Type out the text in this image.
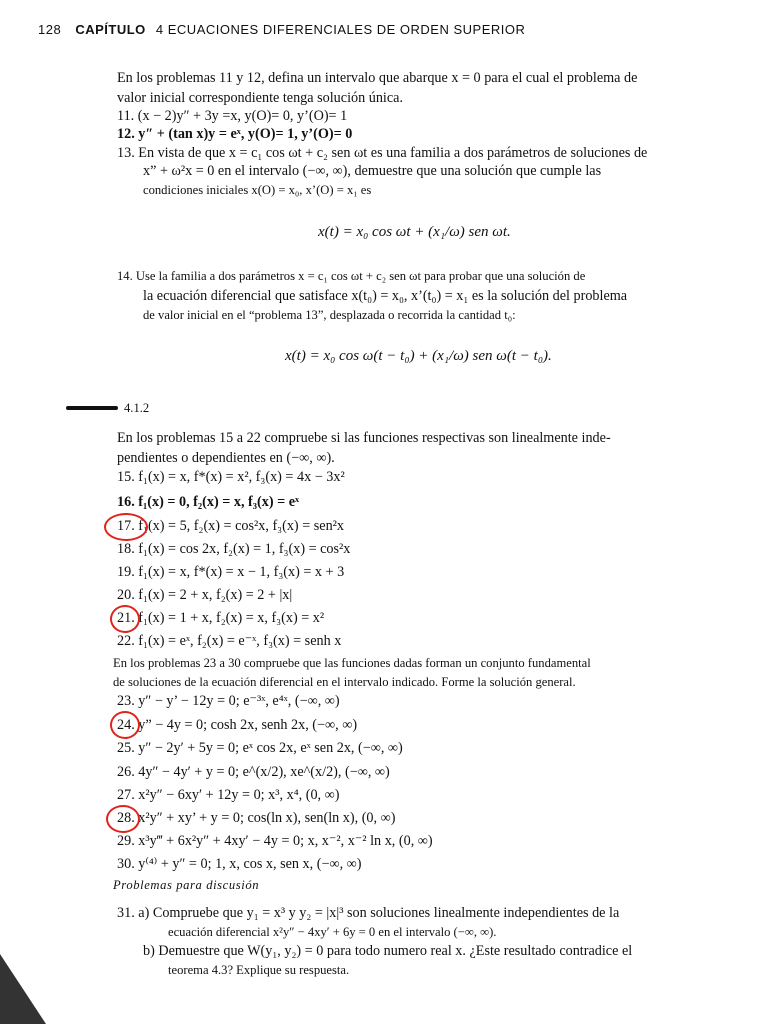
128 CAPÍTULO 4 ECUACIONES DIFERENCIALES DE ORDEN SUPERIOR
En los problemas 11 y 12, defina un intervalo que abarque x = 0 para el cual el problema de
valor inicial correspondiente tenga solución única.
11. (x − 2)y″ + 3y =x, y(O)= 0, y’(O)= 1
12. y″ + (tan x)y = eˣ, y(O)= 1, y’(O)= 0
13. En vista de que x = c₁ cos ωt + c₂ sen ωt es una familia a dos parámetros de soluciones de
x” + ω²x = 0 en el intervalo (−∞, ∞), demuestre que una solución que cumple las
condiciones iniciales x(O) = x₀, x’(O) = x₁ es
x(t) = x₀ cos ωt + (x₁/ω) sen ωt.
14. Use la familia a dos parámetros x = c₁ cos ωt + c₂ sen ωt para probar que una solución de
la ecuación diferencial que satisface x(t₀) = x₀, x’(t₀) = x₁ es la solución del problema
de valor inicial en el “problema 13”, desplazada o recorrida la cantidad t₀:
x(t) = x₀ cos ω(t − t₀) + (x₁/ω) sen ω(t − t₀).
4.1.2
En los problemas 15 a 22 compruebe si las funciones respectivas son linealmente inde-
pendientes o dependientes en (−∞, ∞).
15. f₁(x) = x, f*(x) = x², f₃(x) = 4x − 3x²
16. f₁(x) = 0, f₂(x) = x, f₃(x) = eˣ
17. f₁(x) = 5, f₂(x) = cos²x, f₃(x) = sen²x
18. f₁(x) = cos 2x, f₂(x) = 1, f₃(x) = cos²x
19. f₁(x) = x, f*(x) = x − 1, f₃(x) = x + 3
20. f₁(x) = 2 + x, f₂(x) = 2 + |x|
21. f₁(x) = 1 + x, f₂(x) = x, f₃(x) = x²
22. f₁(x) = eˣ, f₂(x) = e⁻ˣ, f₃(x) = senh x
En los problemas 23 a 30 compruebe que las funciones dadas forman un conjunto fundamental
de soluciones de la ecuación diferencial en el intervalo indicado. Forme la solución general.
23. y″ − y’ − 12y = 0; e⁻³ˣ, e⁴ˣ, (−∞, ∞)
24. y” − 4y = 0; cosh 2x, senh 2x, (−∞, ∞)
25. y″ − 2y′ + 5y = 0; eˣ cos 2x, eˣ sen 2x, (−∞, ∞)
26. 4y″ − 4y′ + y = 0; e^(x/2), xe^(x/2), (−∞, ∞)
27. x²y″ − 6xy′ + 12y = 0; x³, x⁴, (0, ∞)
28. x²y″ + xy’ + y = 0; cos(ln x), sen(ln x), (0, ∞)
29. x³y‴ + 6x²y″ + 4xy′ − 4y = 0; x, x⁻², x⁻² ln x, (0, ∞)
30. y⁽⁴⁾ + y″ = 0; 1, x, cos x, sen x, (−∞, ∞)
Problemas para discusión
31. a) Compruebe que y₁ = x³ y y₂ = |x|³ son soluciones linealmente independientes de la
ecuación diferencial x²y″ − 4xy′ + 6y = 0 en el intervalo (−∞, ∞).
b) Demuestre que W(y₁, y₂) = 0 para todo numero real x. ¿Este resultado contradice el
teorema 4.3? Explique su respuesta.
